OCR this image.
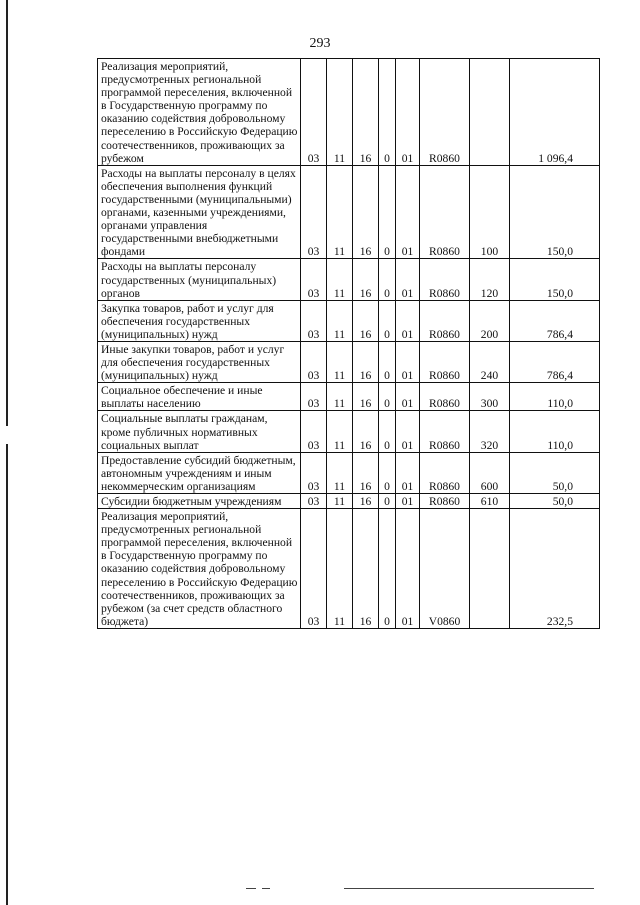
293
Реализация мероприятий, предусмотренных региональной программой переселения, включенной в Государственную программу по оказанию содействия добровольному переселению в Российскую Федерацию соотечественников, проживающих за рубежом	03	11	16	0	01	R0860		1 096,4
Расходы на выплаты персоналу в целях обеспечения выполнения функций государственными (муниципальными) органами, казенными учреждениями, органами управления государственными внебюджетными фондами	03	11	16	0	01	R0860	100	150,0
Расходы на выплаты персоналу государственных (муниципальных) органов	03	11	16	0	01	R0860	120	150,0
Закупка товаров, работ и услуг для обеспечения государственных (муниципальных) нужд	03	11	16	0	01	R0860	200	786,4
Иные закупки товаров, работ и услуг для обеспечения государственных (муниципальных) нужд	03	11	16	0	01	R0860	240	786,4
Социальное обеспечение и иные выплаты населению	03	11	16	0	01	R0860	300	110,0
Социальные выплаты гражданам, кроме публичных нормативных социальных выплат	03	11	16	0	01	R0860	320	110,0
Предоставление субсидий бюджетным, автономным учреждениям и иным некоммерческим организациям	03	11	16	0	01	R0860	600	50,0
Субсидии бюджетным учреждениям	03	11	16	0	01	R0860	610	50,0
Реализация мероприятий, предусмотренных региональной программой переселения, включенной в Государственную программу по оказанию содействия добровольному переселению в Российскую Федерацию соотечественников, проживающих за рубежом (за счет средств областного бюджета)	03	11	16	0	01	V0860		232,5
